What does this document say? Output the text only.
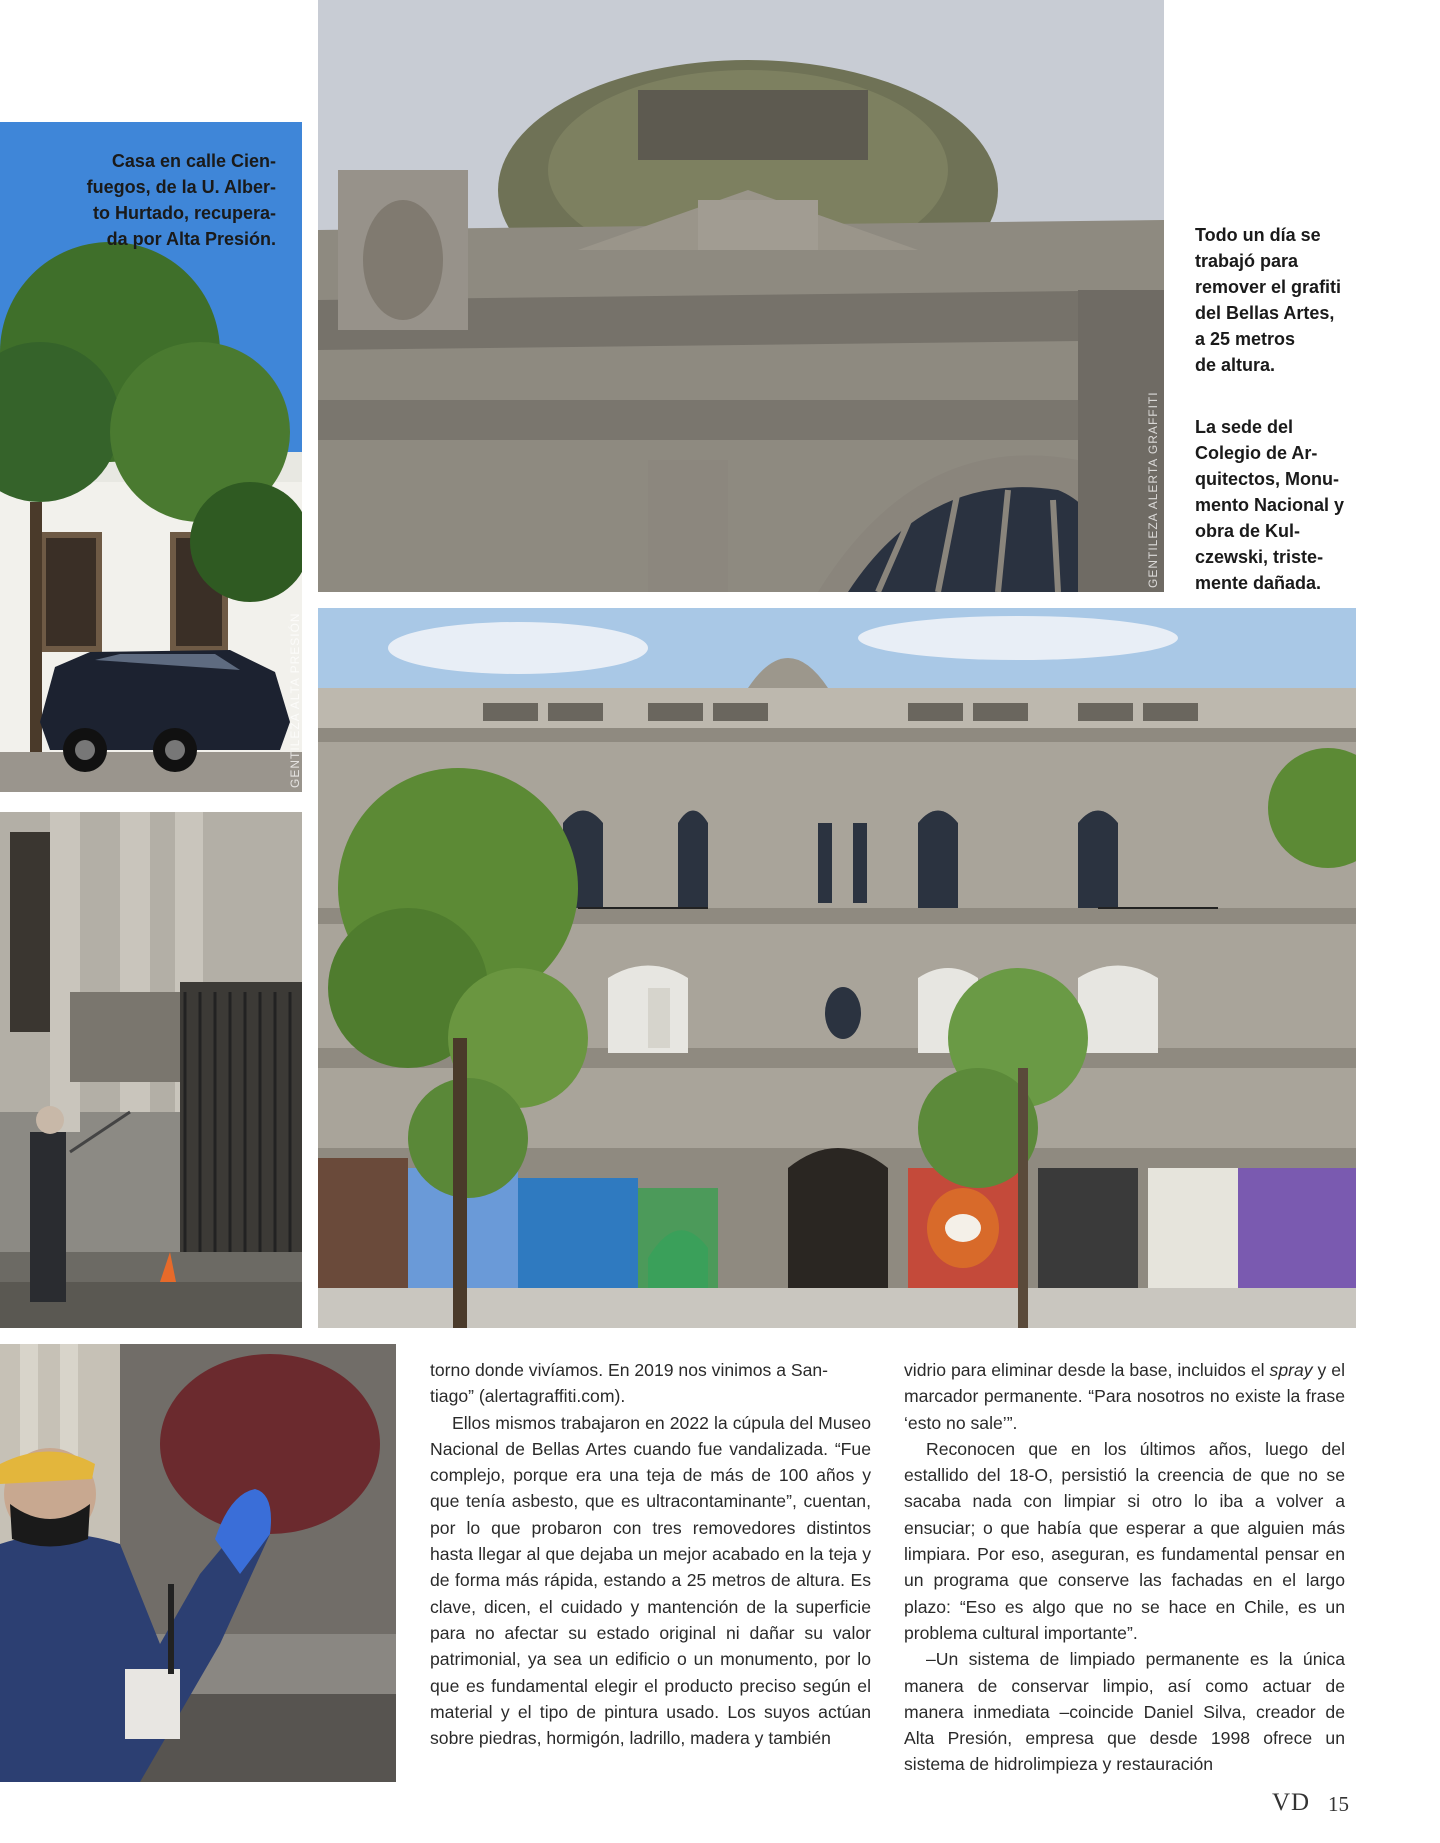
Casa en calle Cien-
fuegos, de la U. Alber-
to Hurtado, recupera-
da por Alta Presión.
GENTILEZA ALTA PRESIÓN
GENTILEZA ALERTA GRAFFITI
Todo un día se
trabajó para
remover el grafiti
del Bellas Artes,
a 25 metros
de altura.
La sede del
Colegio de Ar-
quitectos, Monu-
mento Nacional y
obra de Kul-
czewski, triste-
mente dañada.

torno donde vivíamos. En 2019 nos vinimos a San-
tiago” (alertagraffiti.com).

Ellos mismos trabajaron en 2022 la cúpula del Museo Nacional de Bellas Artes cuando fue vandalizada. “Fue complejo, porque era una teja de más de 100 años y que tenía asbesto, que es ultracontaminante”, cuentan, por lo que probaron con tres removedores distintos hasta llegar al que dejaba un mejor acabado en la teja y de forma más rápida, estando a 25 metros de altura. Es clave, dicen, el cuidado y mantención de la superficie para no afectar su estado original ni dañar su valor patrimonial, ya sea un edificio o un monumento, por lo que es fundamental elegir el producto preciso según el material y el tipo de pintura usado. Los suyos actúan sobre piedras, hormigón, ladrillo, madera y también

vidrio para eliminar desde la base, incluidos el spray y el marcador permanente. “Para nosotros no existe la frase ‘esto no sale’”.

Reconocen que en los últimos años, luego del estallido del 18-O, persistió la creencia de que no se sacaba nada con limpiar si otro lo iba a volver a ensuciar; o que había que esperar a que alguien más limpiara. Por eso, aseguran, es fundamental pensar en un programa que conserve las fachadas en el largo plazo: “Eso es algo que no se hace en Chile, es un problema cultural importante”.

–Un sistema de limpiado permanente es la única manera de conservar limpio, así como actuar de manera inmediata –coincide Daniel Silva, creador de Alta Presión, empresa que desde 1998 ofrece un sistema de hidrolimpieza y restauración

VD 15
